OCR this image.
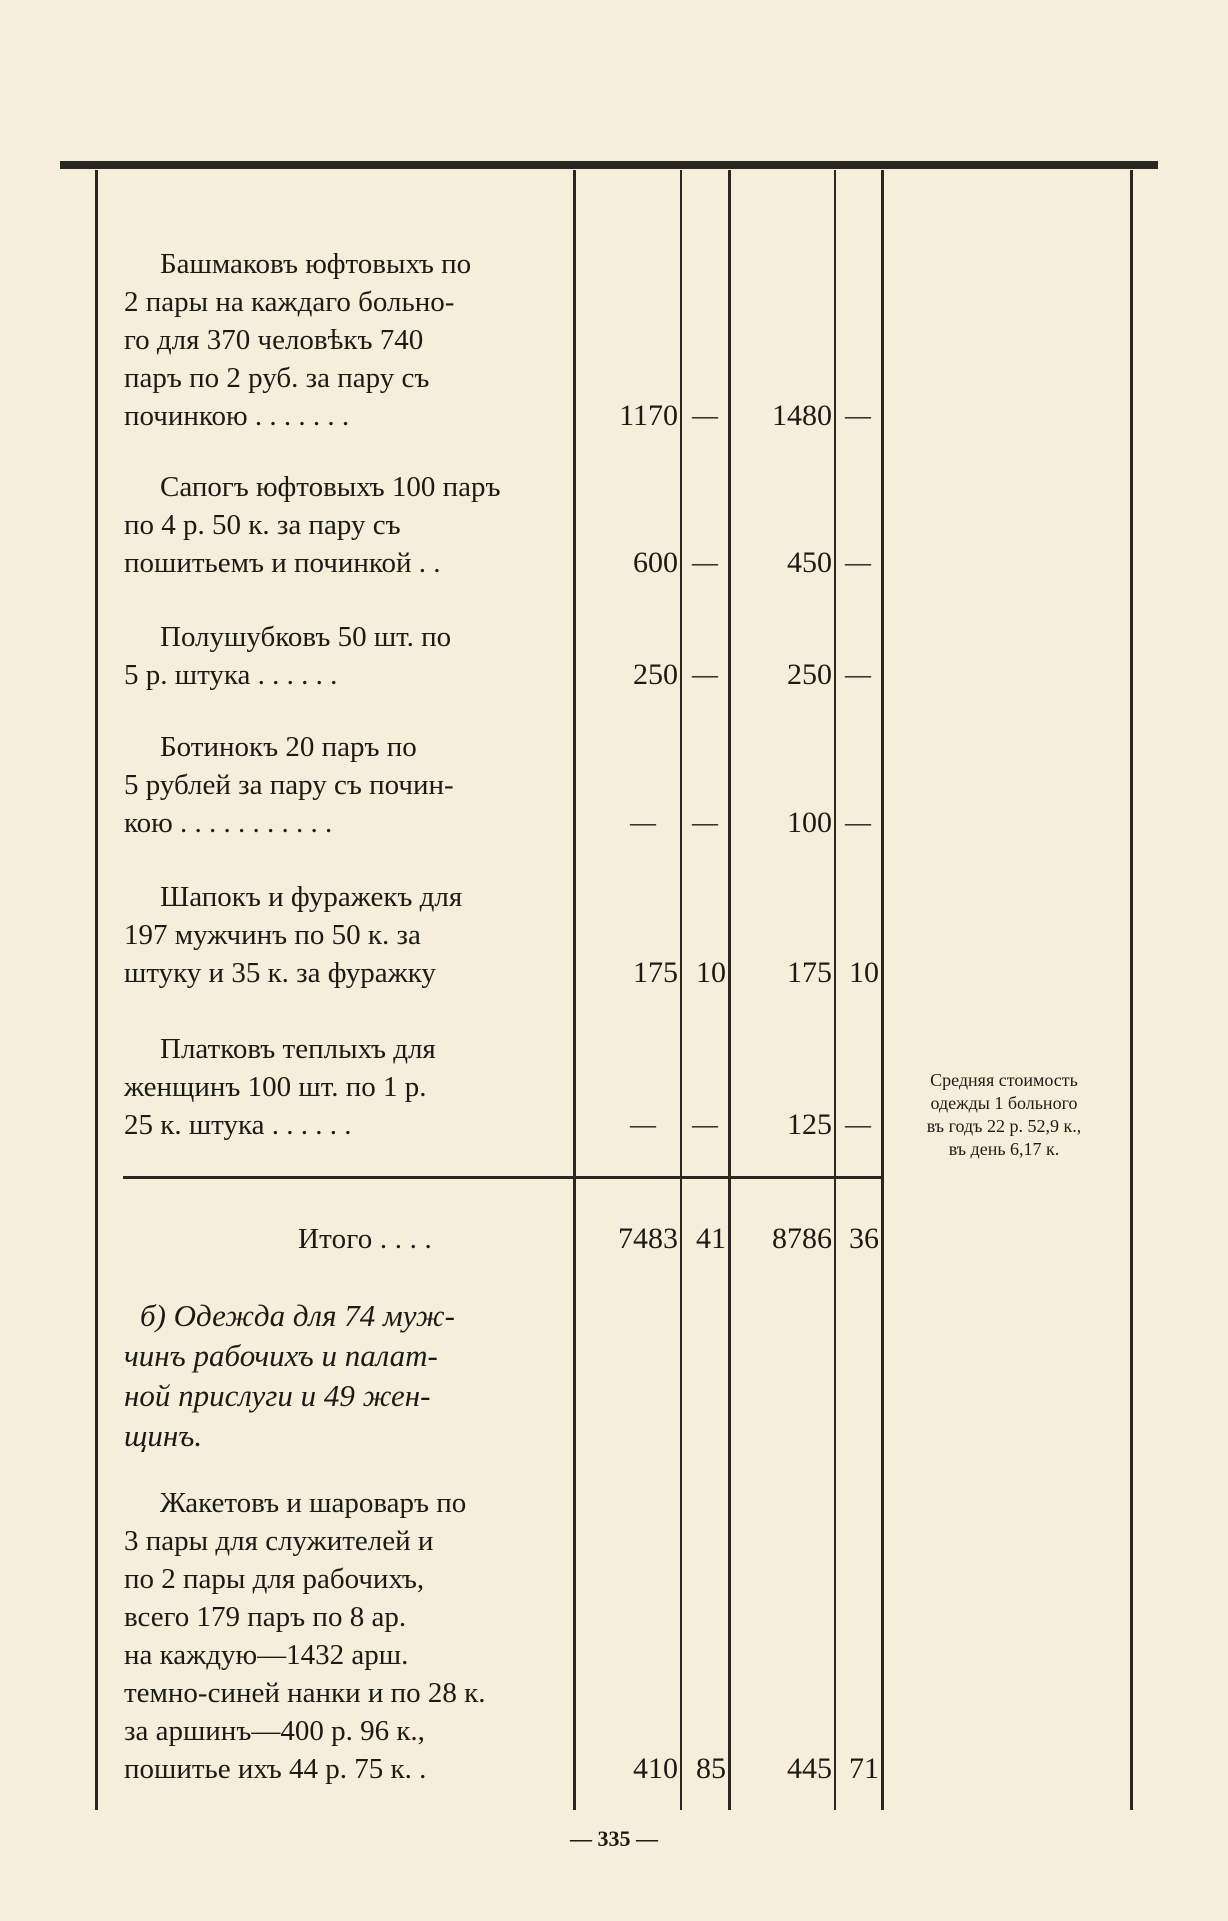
Башмаковъ юфтовыхъ по
2 пары на каждаго больно-
го для 370 человѣкъ 740
паръ по 2 руб. за пару съ
починкою . . . . . . .	1170 —	1480 —
Сапогъ юфтовыхъ 100 паръ
по 4 р. 50 к. за пару съ
пошитьемъ и починкой . .	600 —	450 —
Полушубковъ 50 шт. по
5 р. штука . . . . . .	250 —	250 —
Ботинокъ 20 паръ по
5 рублей за пару съ почин-
кою . . . . . . . . . . .	—	—	100 —
Шапокъ и фуражекъ для
197 мужчинъ по 50 к. за
штуку и 35 к. за фуражку	175 10	175 10
Платковъ теплыхъ для
женщинъ 100 шт. по 1 р.
25 к. штука . . . . . .	—	—	125 —
Средняя стоимость
одежды 1 больного
въ годъ 22 р. 52,9 к.,
въ день 6,17 к.
Итого . . . .	7483 41	8786 36
б) Одежда для 74 муж-
чинъ рабочихъ и палат-
ной прислуги и 49 жен-
щинъ.
Жакетовъ и шароваръ по
3 пары для служителей и
по 2 пары для рабочихъ,
всего 179 паръ по 8 ар.
на каждую—1432 арш.
темно-синей нанки и по 28 к.
за аршинъ—400 р. 96 к.,
пошитье ихъ 44 р. 75 к. .	410 85	445 71
— 335 —
